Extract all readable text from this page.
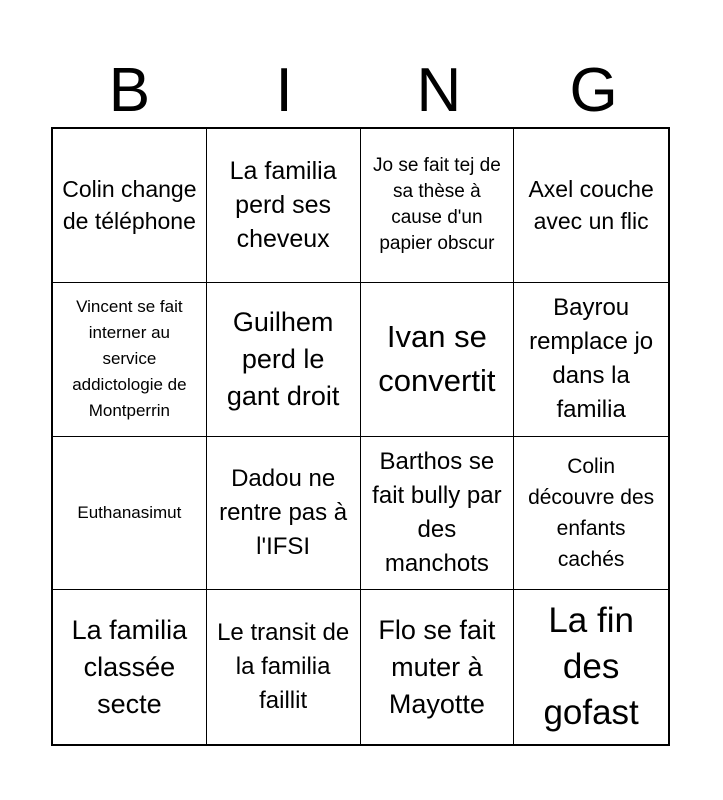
B	I	N	G
Colin change de téléphone
La familia perd ses cheveux
Jo se fait tej de sa thèse à cause d'un papier obscur
Axel couche avec un flic
Vincent se fait interner au service addictologie de Montperrin
Guilhem perd le gant droit
Ivan se convertit
Bayrou remplace jo dans la familia
Euthanasimut
Dadou ne rentre pas à l'IFSI
Barthos se fait bully par des manchots
Colin découvre des enfants cachés
La familia classée secte
Le transit de la familia faillit
Flo se fait muter à Mayotte
La fin des gofast
